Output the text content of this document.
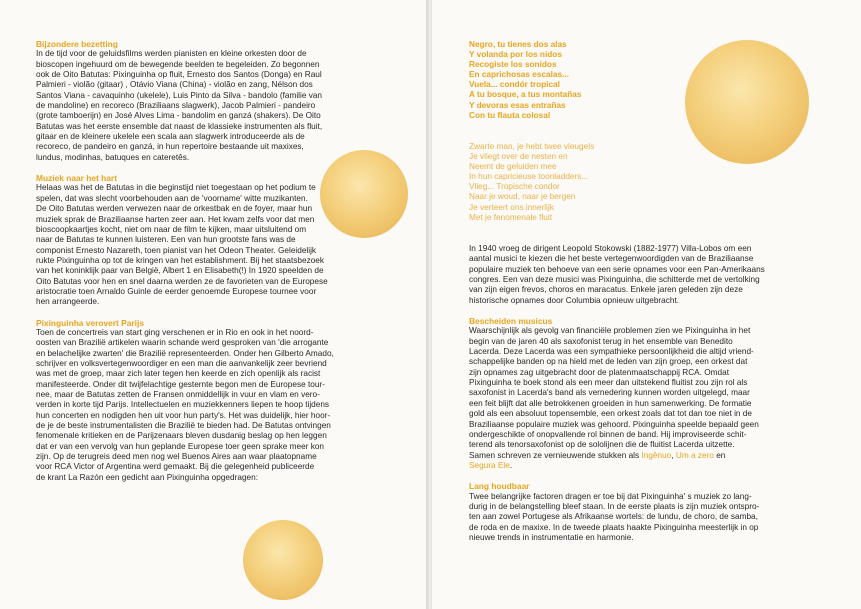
Bijzondere bezetting

In de tijd voor de geluidsfilms werden pianisten en kleine orkesten door de
bioscopen ingehuurd om de bewegende beelden te begeleiden. Zo begonnen
ook de Oito Batutas: Pixinguinha op fluit, Ernesto dos Santos (Donga) en Raul
Palmieri - violão (gitaar) , Otávio Viana (China) - violão en zang, Nélson dos
Santos Viana - cavaquinho (ukelele), Luis Pinto da Silva - bandolo (familie van
de mandoline) en recoreco (Braziliaans slagwerk), Jacob Palmieri - pandeiro
(grote tamboerijn) en José Alves Lima - bandolim en ganzá (shakers). De Oito
Batutas was het eerste ensemble dat naast de klassieke instrumenten als fluit,
gitaar en de kleinere ukelele een scala aan slagwerk introduceerde als de
recoreco, de pandeiro en ganzá, in hun repertoire bestaande uit maxixes,
lundus, modinhas, batuques en cateretês.

Muziek naar het hart

Helaas was het de Batutas in die beginstijd niet toegestaan op het podium te
spelen, dat was slecht voorbehouden aan de 'voorname' witte muzikanten.
De Oito Batutas werden verwezen naar de orkestbak en de foyer, maar hun
muziek sprak de Braziliaanse harten zeer aan. Het kwam zelfs voor dat men
bioscoopkaartjes kocht, niet om naar de film te kijken, maar uitsluitend om
naar de Batutas te kunnen luisteren. Een van hun grootste fans was de
componist Ernesto Nazareth, toen pianist van het Odeon Theater. Geleidelijk
rukte Pixinguinha op tot de kringen van het establishment. Bij het staatsbezoek
van het koninklijk paar van België, Albert 1 en Elisabeth(!) In 1920 speelden de
Oito Batutas voor hen en snel daarna werden ze de favorieten van de Europese
aristocratie toen Arnaldo Guinle de eerder genoemde Europese tournee voor
hen arrangeerde.

Pixinguinha verovert Parijs

Toen de concertreis van start ging verschenen er in Rio en ook in het noord-
oosten van Brazilië artikelen waarin schande werd gesproken van 'die arrogante
en belachelijke zwarten' die Brazilië representeerden. Onder hen Gilberto Amado,
schrijver en volksvertegenwoordiger en een man die aanvankelijk zeer bevriend
was met de groep, maar zich later tegen hen keerde en zich openlijk als racist
manifesteerde. Onder dit twijfelachtige gesternte begon men de Europese tour-
nee, maar de Batutas zetten de Fransen onmiddellijk in vuur en vlam en vero-
verden in korte tijd Parijs. Intellectuelen en muziekkenners liepen te hoop tijdens
hun concerten en nodigden hen uit voor hun party's. Het was duidelijk, hier hoor-
de je de beste instrumentalisten die Brazilië te bieden had. De Batutas ontvingen
fenomenale kritieken en de Parijzenaars bleven dusdanig beslag op hen leggen
dat er van een vervolg van hun geplande Europese toer geen sprake meer kon
zijn. Op de terugreis deed men nog wel Buenos Aires aan waar plaatopname
voor RCA Victor of Argentina werd gemaakt. Bij die gelegenheid publiceerde
de krant La Razón een gedicht aan Pixinguinha opgedragen:

Negro, tu tienes dos alas
Y volanda por los nidos
Recogiste los sonidos
En caprichosas escalas...
Vuela... condór tropical
A tu bosque, a tus montañas
Y devoras esas entrañas
Con tu flauta colosal
Zwarte man, je hebt twee vleugels
Je vliegt over de nesten en
Neemt de geluiden mee
In hun capricieuse toonladders...
Vlieg... Tropische condor
Naar je woud, naar je bergen
Je verteert ons innerlijk
Met je fenomenale fluit

In 1940 vroeg de dirigent Leopold Stokowski (1882-1977) Villa-Lobos om een
aantal musici te kiezen die het beste vertegenwoordigden van de Braziliaanse
populaire muziek ten behoeve van een serie opnames voor een Pan-Amerikaans
congres. Een van deze musici was Pixinguinha, die schitterde met de vertolking
van zijn eigen frevos, choros en maracatus. Enkele jaren geleden zijn deze
historische opnames door Columbia opnieuw uitgebracht.

Bescheiden musicus

Waarschijnlijk als gevolg van financiële problemen zien we Pixinguinha in het
begin van de jaren 40 als saxofonist terug in het ensemble van Benedito
Lacerda. Deze Lacerda was een sympathieke persoonlijkheid die altijd vriend-
schappelijke banden op na hield met de leden van zijn groep, een orkest dat
zijn opnames zag uitgebracht door de platenmaatschappij RCA. Omdat
Pixinguinha te boek stond als een meer dan uitstekend fluitist zou zijn rol als
saxofonist in Lacerda's band als vernedering kunnen worden uitgelegd, maar
een feit blijft dat alle betrokkenen groeiden in hun samenwerking. De formatie
gold als een absoluut topensemble, een orkest zoals dat tot dan toe niet in de
Braziliaanse populaire muziek was gehoord. Pixinguinha speelde bepaald geen
ondergeschikte of onopvallende rol binnen de band. Hij improviseerde schit-
terend als tenorsaxofonist op de sololijnen die de fluitist Lacerda uitzette.

Samen schreven ze vernieuwende stukken als Ingênuo, Um a zero en
Segura Ele.

Lang houdbaar

Twee belangrijke factoren dragen er toe bij dat Pixinguinha' s muziek zo lang-
durig in de belangstelling bleef staan. In de eerste plaats is zijn muziek ontspro-
ten aan zowel Portugese als Afrikaanse wortels: de lundu, de choro, de samba,
de roda en de maxixe. In de tweede plaats haakte Pixinguinha meesterlijk in op
nieuwe trends in instrumentatie en harmonie.
